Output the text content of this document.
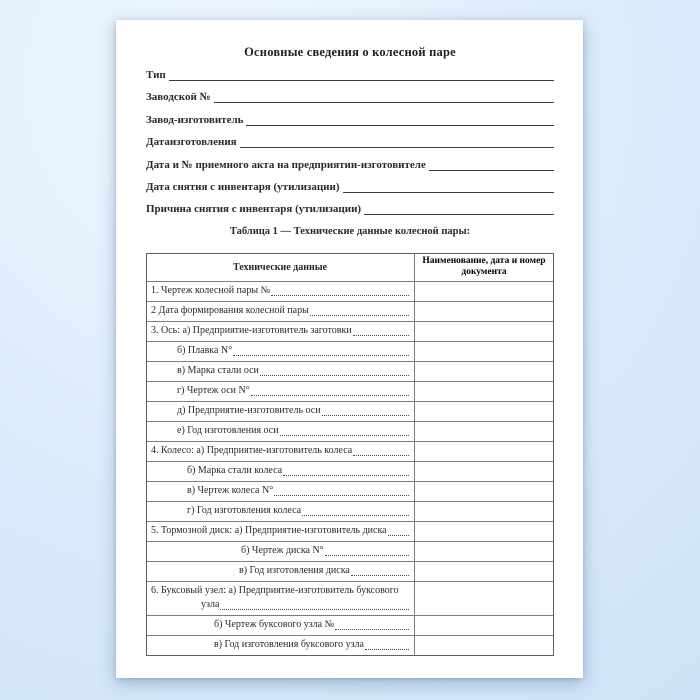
Основные сведения о колесной паре
Тип
Заводской №
Завод-изготовитель
Датаизготовления
Дата и № приемного акта на предприятии-изготовителе
Дата снятия с инвентаря (утилизации)
Причина снятия с инвентаря (утилизации)
Таблица 1 — Технические данные колесной пары:
Технические данные
Наименование, дата и номер документа
1. Чертеж колесной пары №
2 Дата формирования колесной пары
3. Ось: а) Предприятие-изготовитель заготовки
б) Плавка N°
в) Марка стали оси
г) Чертеж оси N°
д) Предприятие-изготовитель оси
е) Год изготовления оси
4. Колесо: а) Предприятие-изготовитель колеса
б) Марка стали колеса
в) Чертеж колеса N°
г) Год изготовления колеса
5. Тормозной диск: а) Предприятие-изготовитель диска
б) Чертеж диска N°
в) Год изготовления диска
6. Буксовый узел: а) Предприятие-изготовитель буксового
узла
б) Чертеж буксового узла №
в) Год изготовления буксового узла
